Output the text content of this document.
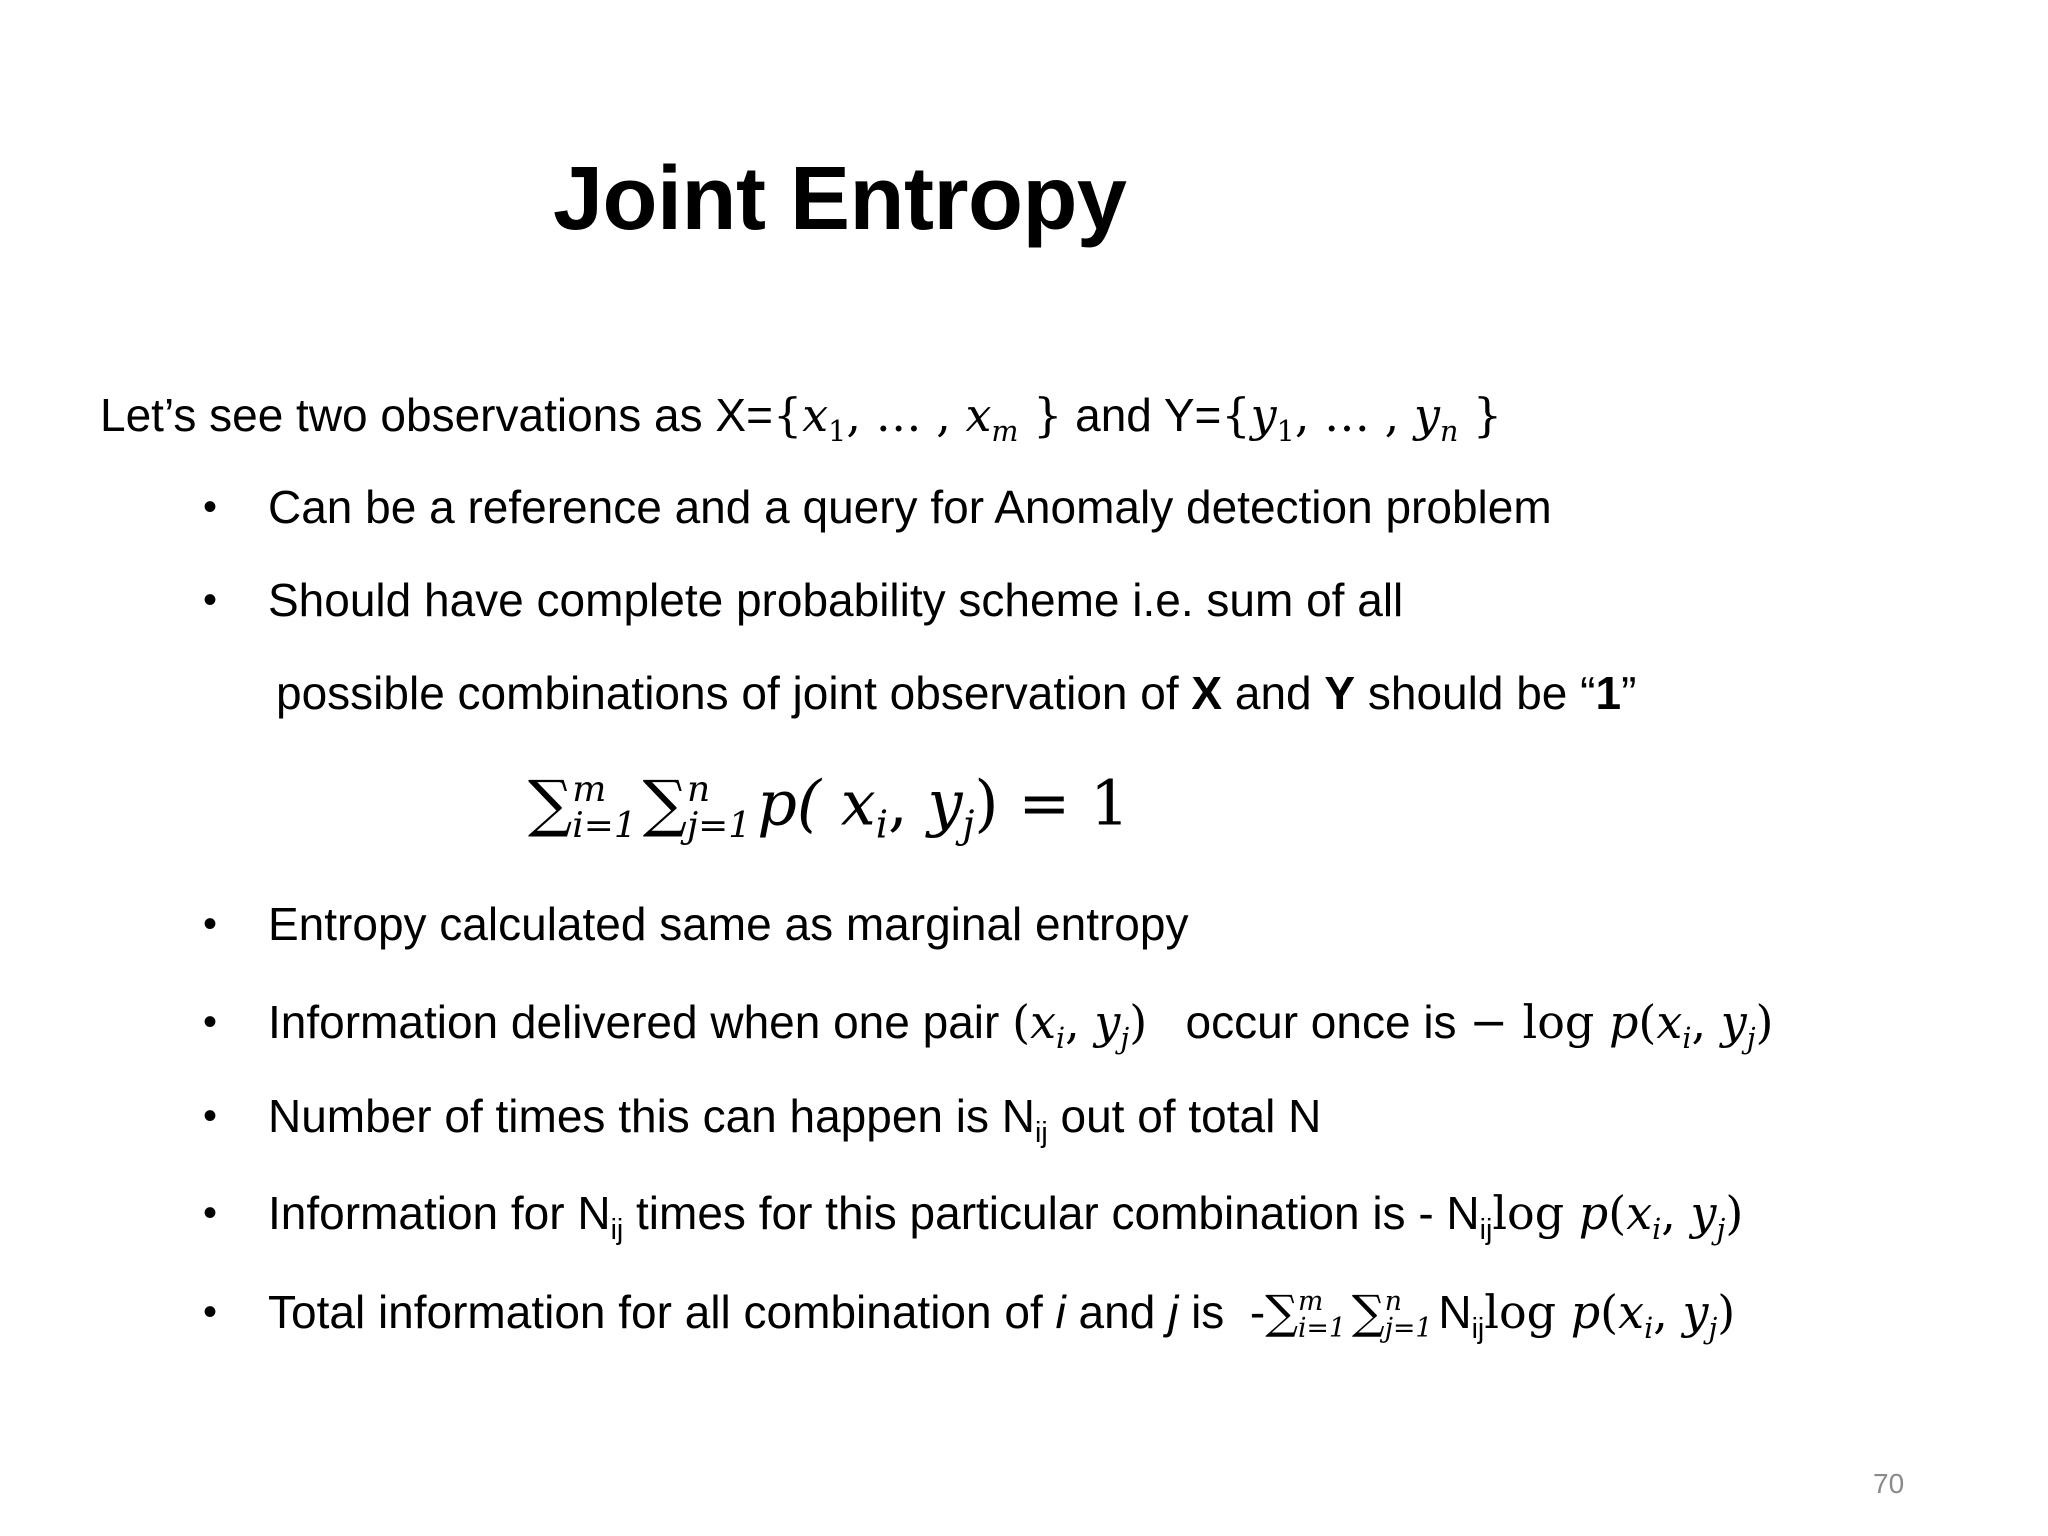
Joint Entropy
Let’s see two observations as $X=\{x_1$, … , $x_m$ } and $Y=\{y_1$, … , $y_n$ }
• Can be a reference and a query for Anomaly detection problem
• Should have complete probability scheme i.e. sum of all
possible combinations of joint observation of X and Y should be “1”
∑ m
i=1 ∑ n
j=1 p( $x_i$, $y_j) = 1$
• Entropy calculated same as marginal entropy
• Information delivered when one pair ($x_i$, $y_j$)   occur once is − $\log p(x_i$, $y_j$)
• Number of times this can happen is $N_{ij}$ out of total N
• Information for $N_{ij}$ times for this particular combination is - $N_{ij}\log$ $p(x_i$, $y_j$)
• Total information for all combination of i and j is  -∑ m
i=1 ∑ n
j=1 $N_{ij}\log$ $p(x_i$, $y_j$)
70
